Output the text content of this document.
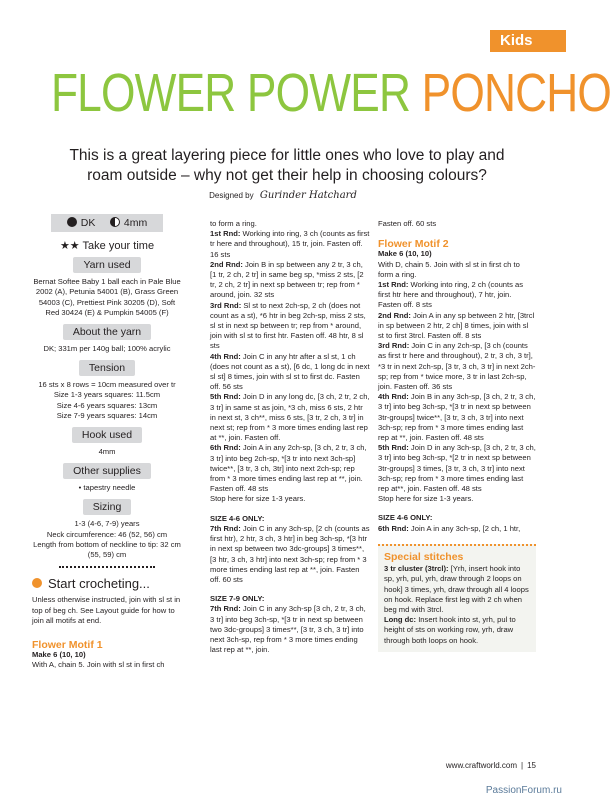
Kids
FLOWER POWER PONCHO
This is a great layering piece for little ones who love to play and roam outside – why not get their help in choosing colours?
Designed by Gurinder Hatchard
DK	4mm
★★ Take your time
Yarn used

Bernat Softee Baby 1 ball each in Pale Blue 2002 (A), Petunia 54001 (B), Grass Green 54003 (C), Prettiest Pink 30205 (D), Soft Red 30424 (E) & Pumpkin 54005 (F)

About the yarn

DK; 331m per 140g ball; 100% acrylic

Tension

16 sts x 8 rows = 10cm measured over tr

Size 1-3 years squares: 11.5cm

Size 4-6 years squares: 13cm

Size 7-9 years squares: 14cm

Hook used

4mm

Other supplies

• tapestry needle

Sizing

1-3 (4-6, 7-9) years

Neck circumference: 46 (52, 56) cm

Length from bottom of neckline to tip: 32 cm (55, 59) cm

Start crocheting...

Unless otherwise instructed, join with sl st in top of beg ch. See Layout guide for how to join all motifs at end.

Flower Motif 1

Make 6 (10, 10)

With A, chain 5. Join with sl st in first ch

to form a ring.

1st Rnd: Working into ring, 3 ch (counts as first tr here and throughout), 15 tr, join. Fasten off. 16 sts

2nd Rnd: Join B in sp between any 2 tr, 3 ch, [1 tr, 2 ch, 2 tr] in same beg sp, *miss 2 sts, [2 tr, 2 ch, 2 tr] in next sp between tr; rep from * around, join. 32 sts

3rd Rnd: Sl st to next 2ch-sp, 2 ch (does not count as a st), *6 htr in beg 2ch-sp, miss 2 sts, sl st in next sp between tr; rep from * around, join with sl st to first htr. Fasten off. 48 htr, 8 sl sts

4th Rnd: Join C in any htr after a sl st, 1 ch (does not count as a st), [6 dc, 1 long dc in next sl st] 8 times, join with sl st to first dc. Fasten off. 56 sts

5th Rnd: Join D in any long dc, [3 ch, 2 tr, 2 ch, 3 tr] in same st as join, *3 ch, miss 6 sts, 2 htr in next st, 3 ch**, miss 6 sts, [3 tr, 2 ch, 3 tr] in next st; rep from * 3 more times ending last rep at **, join. Fasten off.

6th Rnd: Join A in any 2ch-sp, [3 ch, 2 tr, 3 ch, 3 tr] into beg 2ch-sp, *[3 tr into next 3ch-sp] twice**, [3 tr, 3 ch, 3tr] into next 2ch-sp; rep from * 3 more times ending last rep at **, join. Fasten off. 48 sts

Stop here for size 1-3 years.

SIZE 4-6 ONLY:

7th Rnd: Join C in any 3ch-sp, [2 ch (counts as first htr), 2 htr, 3 ch, 3 htr] in beg 3ch-sp, *[3 htr in next sp between two 3dc-groups] 3 times**, [3 htr, 3 ch, 3 htr] into next 3ch-sp; rep from * 3 more times ending last rep at **, join. Fasten off. 60 sts

SIZE 7-9 ONLY:

7th Rnd: Join C in any 3ch-sp [3 ch, 2 tr, 3 ch, 3 tr] into beg 3ch-sp, *[3 tr in next sp between two 3dc-groups] 3 times**, [3 tr, 3 ch, 3 tr] into next 3ch-sp, rep from * 3 more times ending last rep at **, join.

Fasten off. 60 sts

Flower Motif 2

Make 6 (10, 10)

With D, chain 5. Join with sl st in first ch to form a ring.

1st Rnd: Working into ring, 2 ch (counts as first htr here and throughout), 7 htr, join. Fasten off. 8 sts

2nd Rnd: Join A in any sp between 2 htr, [3trcl in sp between 2 htr, 2 ch] 8 times, join with sl st to first 3trcl. Fasten off. 8 sts

3rd Rnd: Join C in any 2ch-sp, [3 ch (counts as first tr here and throughout), 2 tr, 3 ch, 3 tr], *3 tr in next 2ch-sp, [3 tr, 3 ch, 3 tr] in next 2ch-sp; rep from * twice more, 3 tr in last 2ch-sp, join. Fasten off. 36 sts

4th Rnd: Join B in any 3ch-sp, [3 ch, 2 tr, 3 ch, 3 tr] into beg 3ch-sp, *[3 tr in next sp between 3tr-groups] twice**, [3 tr, 3 ch, 3 tr] into next 3ch-sp; rep from * 3 more times ending last rep at **, join. Fasten off. 48 sts

5th Rnd: Join D in any 3ch-sp, [3 ch, 2 tr, 3 ch, 3 tr] into beg 3ch-sp, *[2 tr in next sp between 3tr-groups] 3 times, [3 tr, 3 ch, 3 tr] into next 3ch-sp; rep from * 3 more times ending last rep at**, join. Fasten off. 48 sts

Stop here for size 1-3 years.

SIZE 4-6 ONLY:

6th Rnd: Join A in any 3ch-sp, [2 ch, 1 htr,

Special stitches

3 tr cluster (3trcl): [Yrh, insert hook into sp, yrh, pul, yrh, draw through 2 loops on hook] 3 times, yrh, draw through all 4 loops on hook. Replace first leg with 2 ch when beg md with 3trcl.

Long dc: Insert hook into st, yrh, pul to height of sts on working row, yrh, draw through both loops on hook.

www.craftworld.com | 15
PassionForum.ru
